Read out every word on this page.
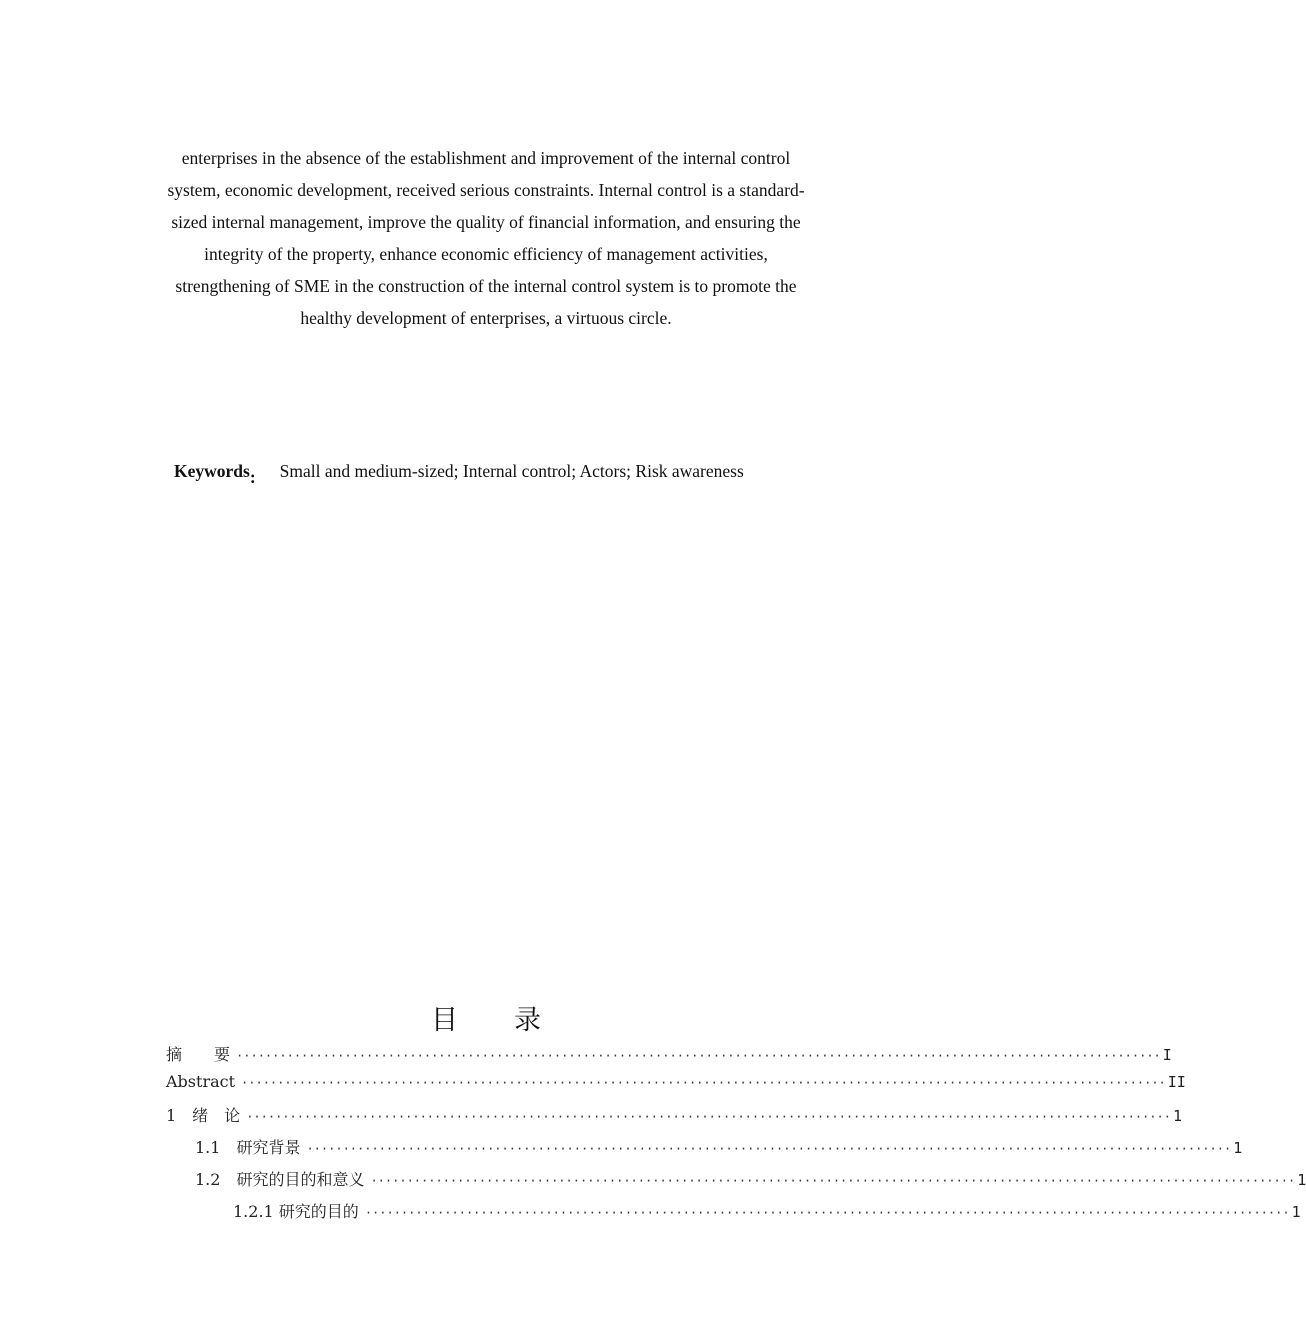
enterprises in the absence of the establishment and improvement of the internal control
system, economic development, received serious constraints. Internal control is a standard-
sized internal management, improve the quality of financial information, and ensuring the
integrity of the property, enhance economic efficiency of management activities,
strengthening of SME in the construction of the internal control system is to promote the
healthy development of enterprises, a virtuous circle.
Keywords: Small and medium-sized; Internal control; Actors; Risk awareness
目 录
摘　　要 ································································································································ I
Abstract ································································································································ II
1　绪　论 ································································································································ 1
1.1　研究背景 ································································································································ 1
1.2　研究的目的和意义 ································································································································ 1
1.2.1 研究的目的 ································································································································ 1
